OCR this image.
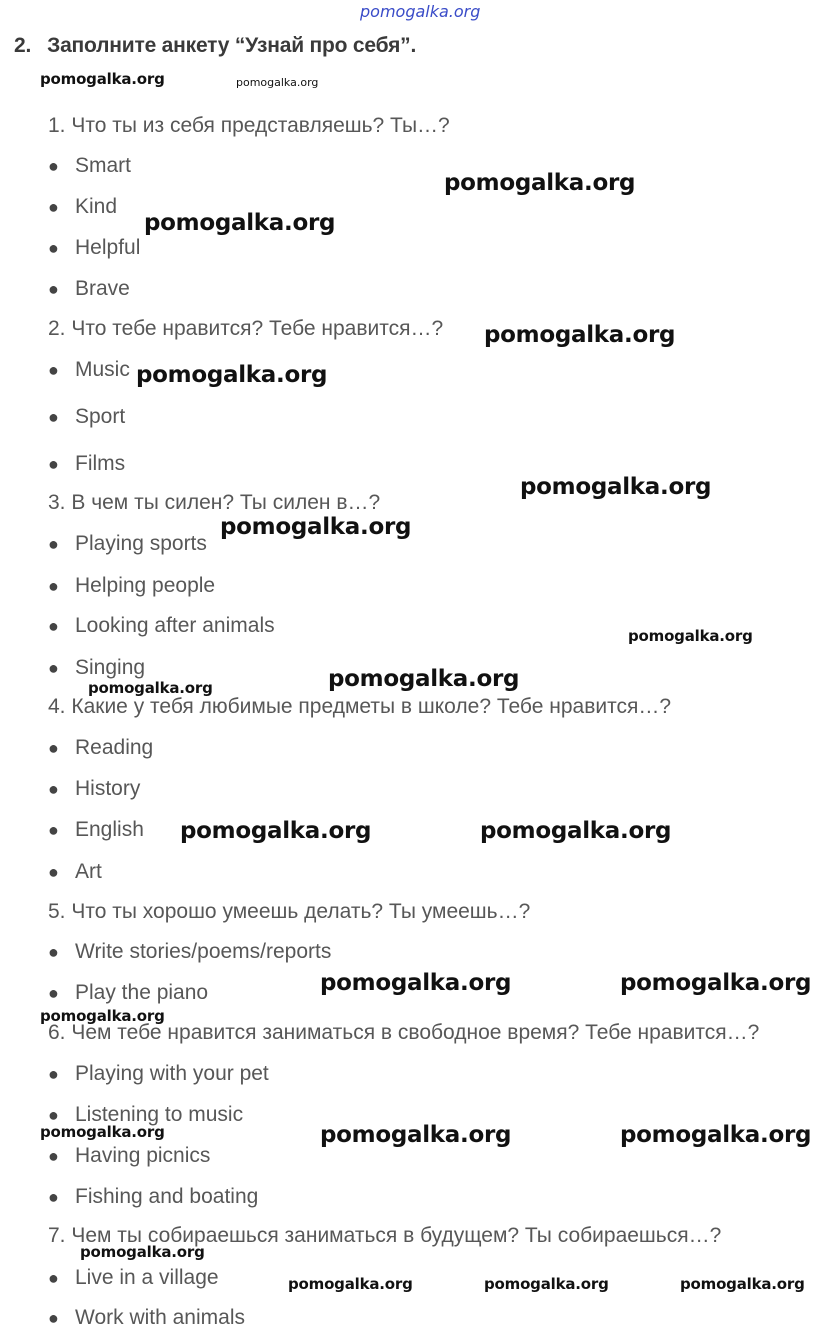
pomogalka.org
2. Заполните анкету “Узнай про себя”.
1. Что ты из себя представляешь? Ты…?
● Smart
● Kind
● Helpful
● Brave
2. Что тебе нравится? Тебе нравится…?
● Music
● Sport
● Films
3. В чем ты силен? Ты силен в…?
● Playing sports
● Helping people
● Looking after animals
● Singing
4. Какие у тебя любимые предметы в школе? Тебе нравится…?
● Reading
● History
● English
● Art
5. Что ты хорошо умеешь делать? Ты умеешь…?
● Write stories/poems/reports
● Play the piano
6. Чем тебе нравится заниматься в свободное время? Тебе нравится…?
● Playing with your pet
● Listening to music
● Having picnics
● Fishing and boating
7. Чем ты собираешься заниматься в будущем? Ты собираешься…?
● Live in a village
● Work with animals
pomogalka.org	pomogalka.org
pomogalka.org
pomogalka.org
pomogalka.org
pomogalka.org
pomogalka.org
pomogalka.org
pomogalka.org
pomogalka.org
pomogalka.org
pomogalka.org	pomogalka.org
pomogalka.org	pomogalka.org
pomogalka.org
pomogalka.org	pomogalka.org	pomogalka.org
pomogalka.org
pomogalka.org	pomogalka.org	pomogalka.org
